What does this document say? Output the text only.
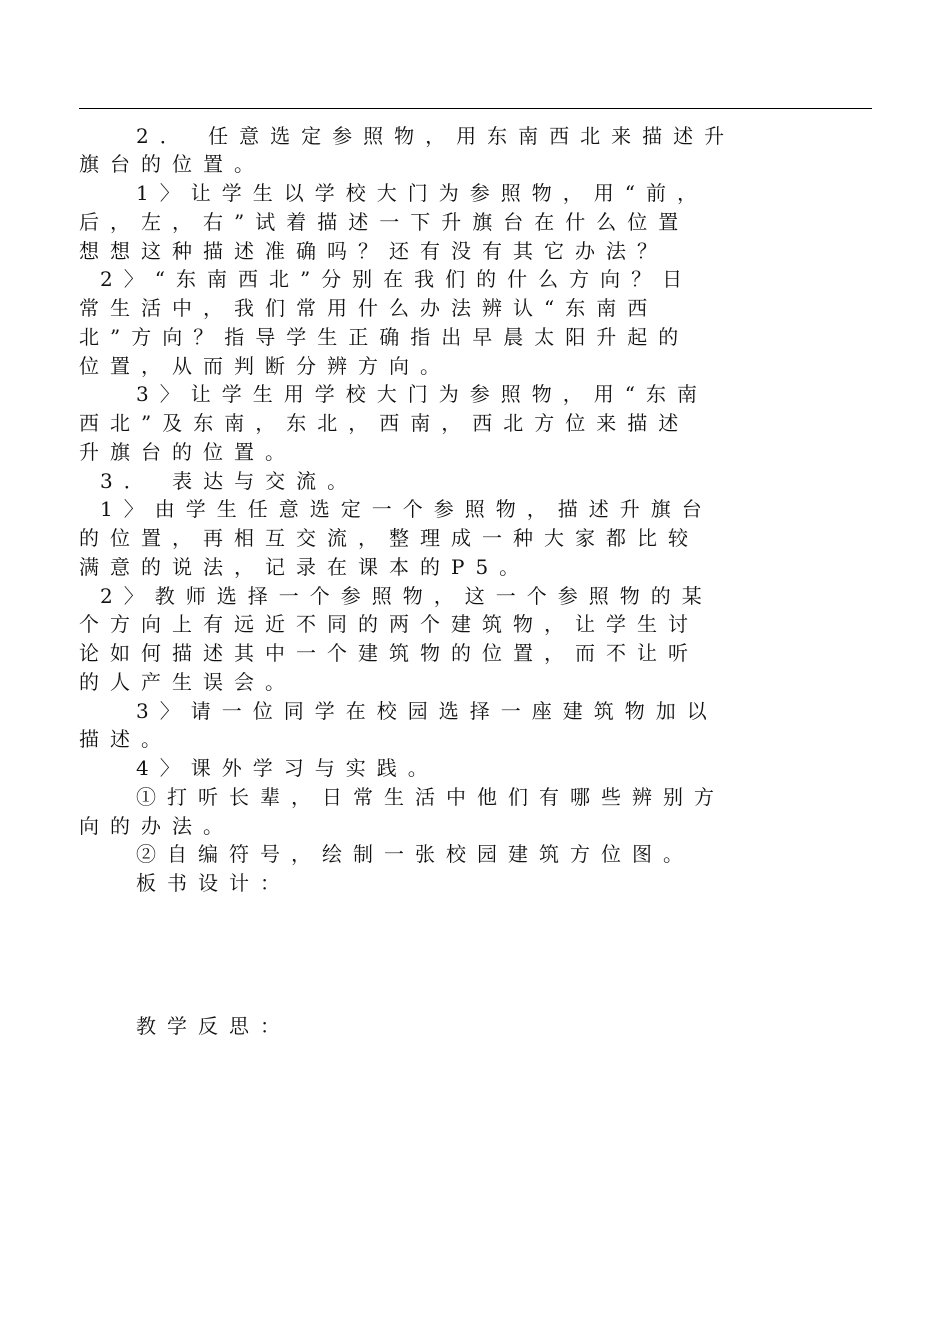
2． 任意选定参照物，用东南西北来描述升
旗台的位置。
1〉让学生以学校大门为参照物，用“前，
后，左，右”试着描述一下升旗台在什么位置
想想这种描述准确吗？还有没有其它办法？
2〉“东南西北”分别在我们的什么方向？日
常生活中，我们常用什么办法辨认“东南西
北”方向？指导学生正确指出早晨太阳升起的
位置，从而判断分辨方向。
3〉让学生用学校大门为参照物，用“东南
西北”及东南，东北，西南，西北方位来描述
升旗台的位置。
3． 表达与交流。
1〉由学生任意选定一个参照物，描述升旗台
的位置，再相互交流，整理成一种大家都比较
满意的说法，记录在课本的P5。
2〉教师选择一个参照物，这一个参照物的某
个方向上有远近不同的两个建筑物，让学生讨
论如何描述其中一个建筑物的位置，而不让听
的人产生误会。
3〉请一位同学在校园选择一座建筑物加以
描述。
4〉课外学习与实践。
①打听长辈，日常生活中他们有哪些辨别方
向的办法。
②自编符号，绘制一张校园建筑方位图。
板书设计：
教学反思：
